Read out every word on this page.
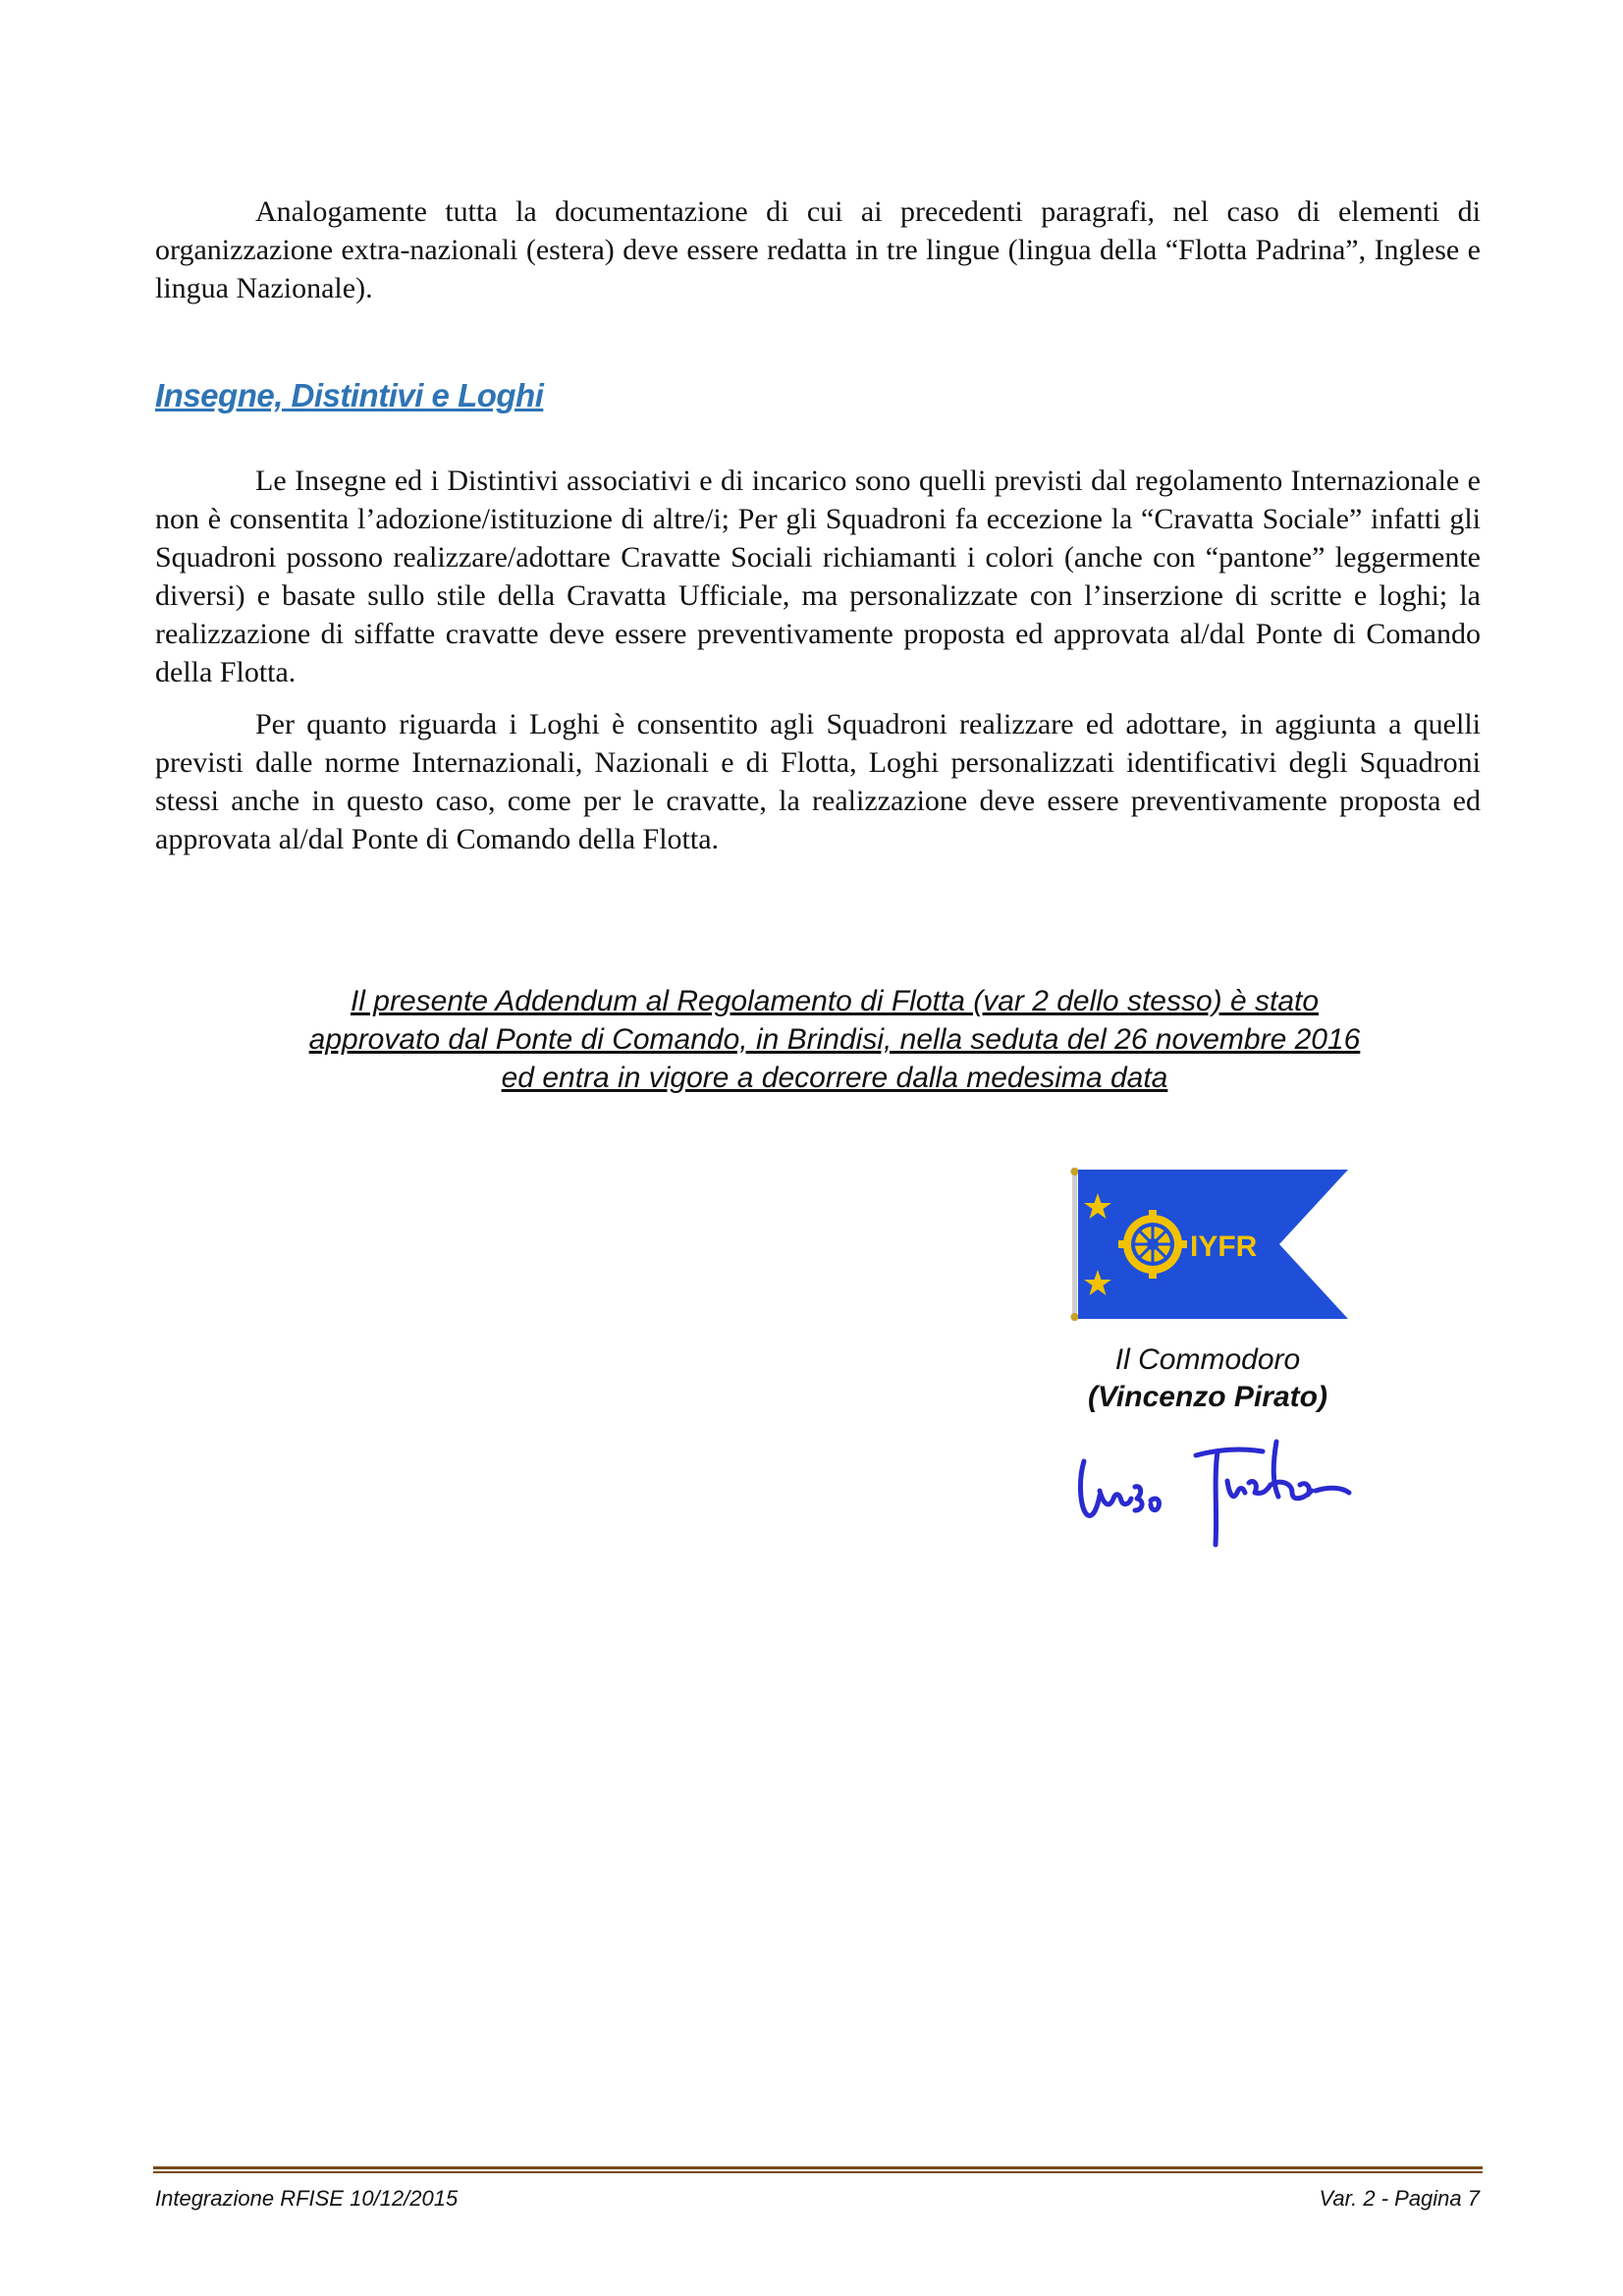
Analogamente tutta la documentazione di cui ai precedenti paragrafi, nel caso di elementi di organizzazione extra-nazionali (estera) deve essere redatta in tre lingue (lingua della “Flotta Padrina”, Inglese e lingua Nazionale).

Insegne, Distintivi e Loghi

Le Insegne ed i Distintivi associativi e di incarico sono quelli previsti dal regolamento Internazionale e non è consentita l’adozione/istituzione di altre/i; Per gli Squadroni fa eccezione la “Cravatta Sociale” infatti gli Squadroni possono realizzare/adottare Cravatte Sociali richiamanti i colori (anche con “pantone” leggermente diversi) e basate sullo stile della Cravatta Ufficiale, ma personalizzate con l’inserzione di scritte e loghi; la realizzazione di siffatte cravatte deve essere preventivamente proposta ed approvata al/dal Ponte di Comando della Flotta.

Per quanto riguarda i Loghi è consentito agli Squadroni realizzare ed adottare, in aggiunta a quelli previsti dalle norme Internazionali, Nazionali e di Flotta, Loghi personalizzati identificativi degli Squadroni stessi anche in questo caso, come per le cravatte, la realizzazione deve essere preventivamente proposta ed approvata al/dal Ponte di Comando della Flotta.

Il presente Addendum al Regolamento di Flotta (var 2 dello stesso) è stato approvato dal Ponte di Comando, in Brindisi, nella seduta del 26 novembre 2016 ed entra in vigore a decorrere dalla medesima data

IYFR

Il Commodoro

(Vincenzo Pirato)

Integrazione RFISE 10/12/2015	Var. 2 - Pagina 7
